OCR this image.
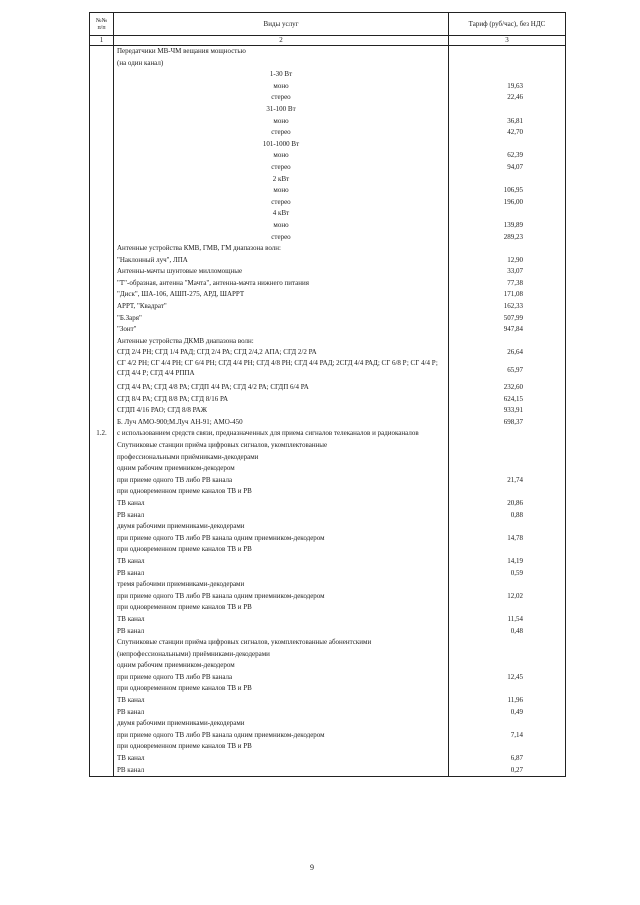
№№ п/п	Виды услуг	Тариф (руб/час), без НДС
1	2	3
	Передатчики МВ-ЧМ вещания мощностью	
	(на один канал)	
	1-30 Вт	
	моно	19,63
	стерео	22,46
	31-100 Вт	
	моно	36,81
	стерео	42,70
	101-1000 Вт	
	моно	62,39
	стерео	94,07
	2 кВт	
	моно	106,95
	стерео	196,00
	4 кВт	
	моно	139,89
	стерео	289,23
	Антенные устройства КМВ, ГМВ, ГМ диапазона волн:	
	"Наклонный луч", ЛПА	12,90
	Антенны-мачты шунтовые милломощные	33,07
	"Т"-образная, антенна "Мачта", антенна-мачта нижнего питания	77,38
	"Диск", ША-106, АШП-275, АРД, ШАРРТ	171,08
	АРРТ, "Квадрат"	162,33
	"Б.Заря"	507,99
	"Зонт"	947,84
	Антенные устройства ДКМВ диапазона волн:	
	СГД 2/4 РН; СГД 1/4 РАД; СГД 2/4 РА; СГД 2/4,2 АПА; СГД 2/2 РА	26,64
	СГ 4/2 РН; СГ 4/4 РН; СГ 6/4 РН; СГД 4/4 РН; СГД 4/8 РН; СГД 4/4 РАД; 2СГД 4/4 РАД; СГ 6/8 Р; СГ 4/4 Р; СГД 4/4 Р; СГД 4/4 РППА	65,97
	СГД 4/4 РА; СГД 4/8 РА; СГДП 4/4 РА; СГД 4/2 РА; СГДП 6/4 РА	232,60
	СГД 8/4 РА; СГД 8/8 РА; СГД 8/16 РА	624,15
	СГДП 4/16 РАО; СГД 8/8 РАЖ	933,91
	Б. Луч АМО-900;М.Луч АН-91; АМО-450	698,37
1.2.	с использованием средств связи, предназначенных для приема сигналов телеканалов и радиоканалов	
	Спутниковые станции приёма цифровых сигналов, укомплектованные	
	профессиональными приёмниками-декодерами	
	одним рабочим приемником-декодером	
	при приеме одного ТВ либо РВ канала	21,74
	при одновременном приеме каналов ТВ и РВ	
	ТВ канал	20,86
	РВ канал	0,88
	двумя рабочими приемниками-декодерами	
	при приеме одного ТВ либо РВ канала одним приемником-декодером	14,78
	при одновременном приеме каналов ТВ и РВ	
	ТВ канал	14,19
	РВ канал	0,59
	тремя рабочими приемниками-декодерами	
	при приеме одного ТВ либо РВ канала одним приемником-декодером	12,02
	при одновременном приеме каналов ТВ и РВ	
	ТВ канал	11,54
	РВ канал	0,48
	Спутниковые станции приёма цифровых сигналов, укомплектованные абонентскими	
	(непрофессиональными) приёмниками-декодерами	
	одним рабочим приемником-декодером	
	при приеме одного ТВ либо РВ канала	12,45
	при одновременном приеме каналов ТВ и РВ	
	ТВ канал	11,96
	РВ канал	0,49
	двумя рабочими приемниками-декодерами	
	при приеме одного ТВ либо РВ канала одним приемником-декодером	7,14
	при одновременном приеме каналов ТВ и РВ	
	ТВ канал	6,87
	РВ канал	0,27
9
